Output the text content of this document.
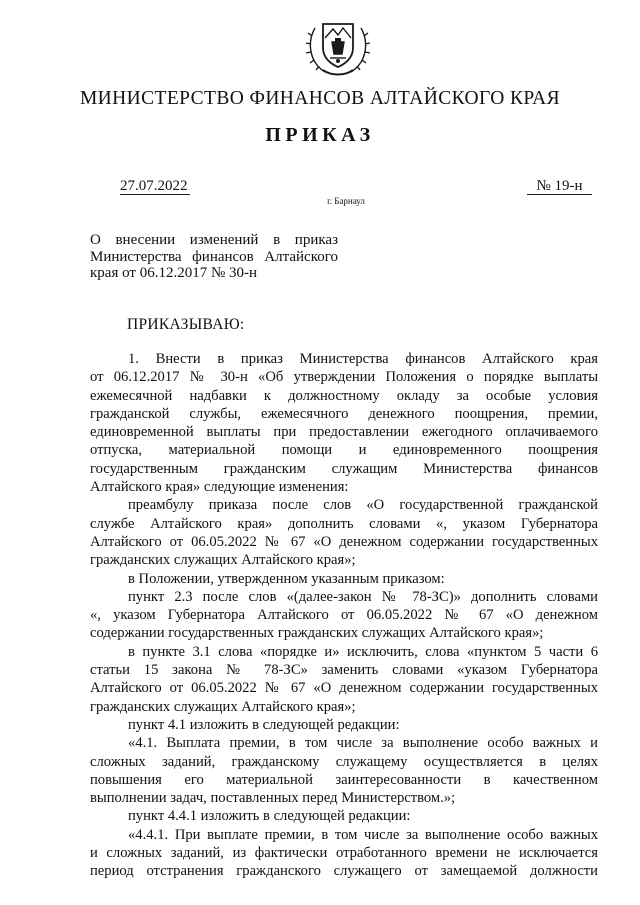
МИНИСТЕРСТВО ФИНАНСОВ АЛТАЙСКОГО КРАЯ
ПРИКАЗ
27.07.2022	№ 19-н
г. Барнаул
О внесении изменений в приказ
Министерства финансов Алтайского
края от 06.12.2017 № 30-н
ПРИКАЗЫВАЮ:
1. Внести в приказ Министерства финансов Алтайского края
от 06.12.2017 № 30-н «Об утверждении Положения о порядке выплаты
ежемесячной надбавки к должностному окладу за особые условия
гражданской службы, ежемесячного денежного поощрения, премии,
единовременной выплаты при предоставлении ежегодного оплачиваемого
отпуска, материальной помощи и единовременного поощрения
государственным гражданским служащим Министерства финансов
Алтайского края» следующие изменения:
преамбулу приказа после слов «О государственной гражданской
службе Алтайского края» дополнить словами «, указом Губернатора
Алтайского от 06.05.2022 № 67 «О денежном содержании государственных
гражданских служащих Алтайского края»;
в Положении, утвержденном указанным приказом:
пункт 2.3 после слов «(далее-закон № 78-ЗС)» дополнить словами
«, указом Губернатора Алтайского от 06.05.2022 № 67 «О денежном
содержании государственных гражданских служащих Алтайского края»;
в пункте 3.1 слова «порядке и» исключить, слова «пунктом 5 части 6
статьи 15 закона № 78-ЗС» заменить словами «указом Губернатора
Алтайского от 06.05.2022 № 67 «О денежном содержании государственных
гражданских служащих Алтайского края»;
пункт 4.1 изложить в следующей редакции:
«4.1. Выплата премии, в том числе за выполнение особо важных и
сложных заданий, гражданскому служащему осуществляется в целях
повышения его материальной заинтересованности в качественном
выполнении задач, поставленных перед Министерством.»;
пункт 4.4.1 изложить в следующей редакции:
«4.4.1. При выплате премии, в том числе за выполнение особо важных
и сложных заданий, из фактически отработанного времени не исключается
период отстранения гражданского служащего от замещаемой должности
